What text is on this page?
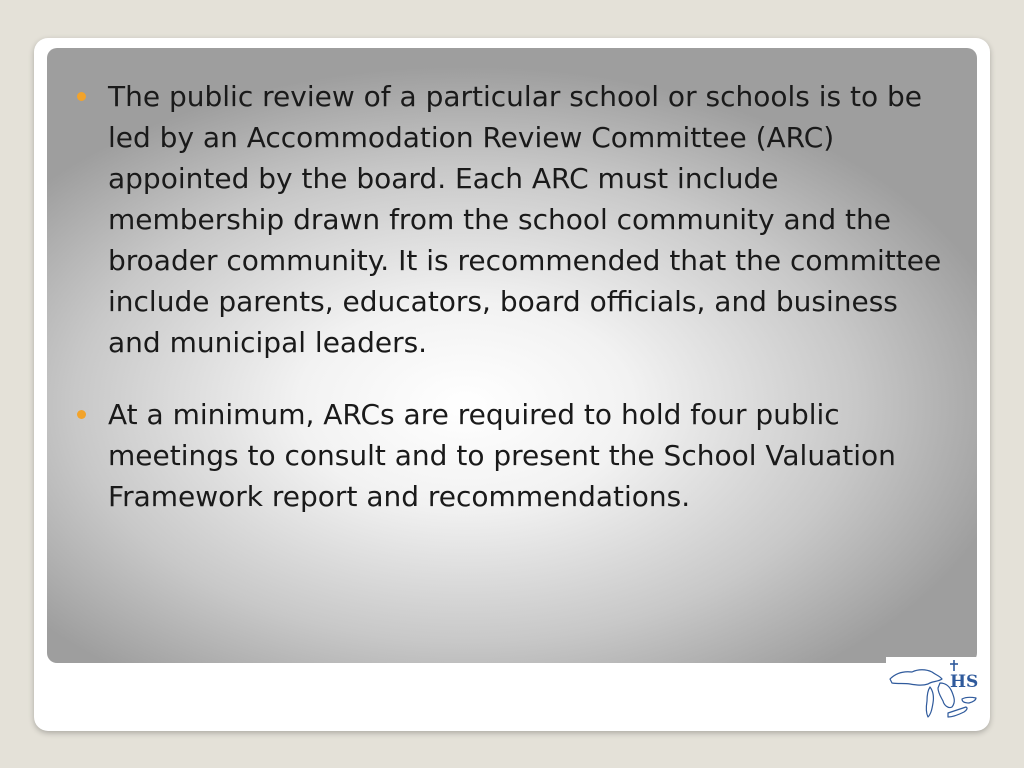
The public review of a particular school or schools is to be led by an Accommodation Review Committee (ARC) appointed by the board. Each ARC must include membership drawn from the school community and the broader community. It is recommended that the committee include parents, educators, board officials, and business and municipal leaders.
At a minimum, ARCs are required to hold four public meetings to consult and to present the School Valuation Framework report and recommendations.
HS
